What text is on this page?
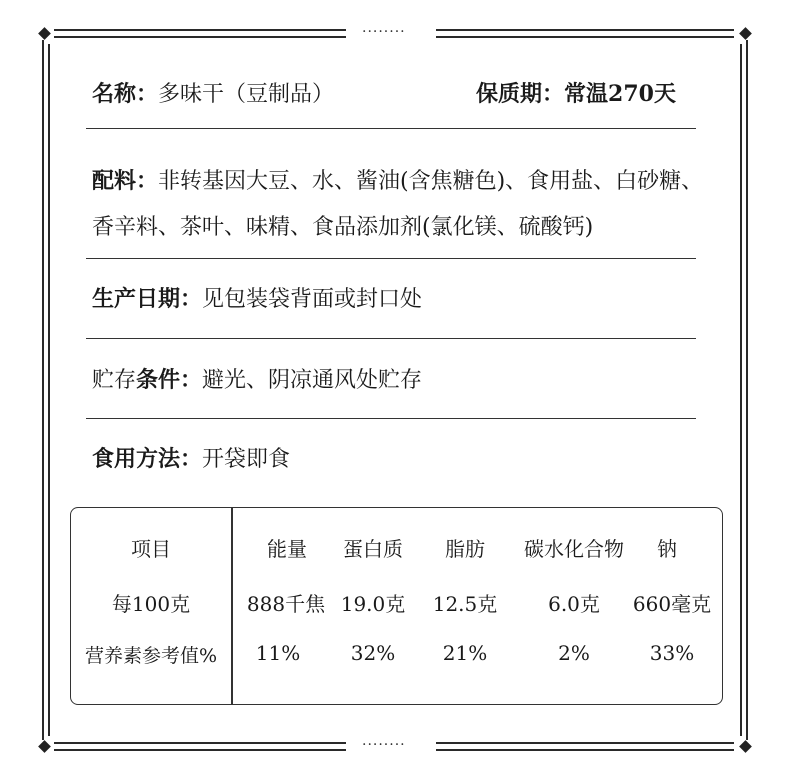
........
........
名称：多味干（豆制品）	保质期：常温270天
配料：非转基因大豆、水、酱油(含焦糖色)、食用盐、白砂糖、香辛料、茶叶、味精、食品添加剂(氯化镁、硫酸钙)
生产日期：见包装袋背面或封口处
贮存条件：避光、阴凉通风处贮存
食用方法：开袋即食
项目	能量	蛋白质	脂肪	碳水化合物	钠
每100克	888千焦 19.0克	12.5克	6.0克	660毫克
营养素参考值%	11%	32%	21%	2%	33%
